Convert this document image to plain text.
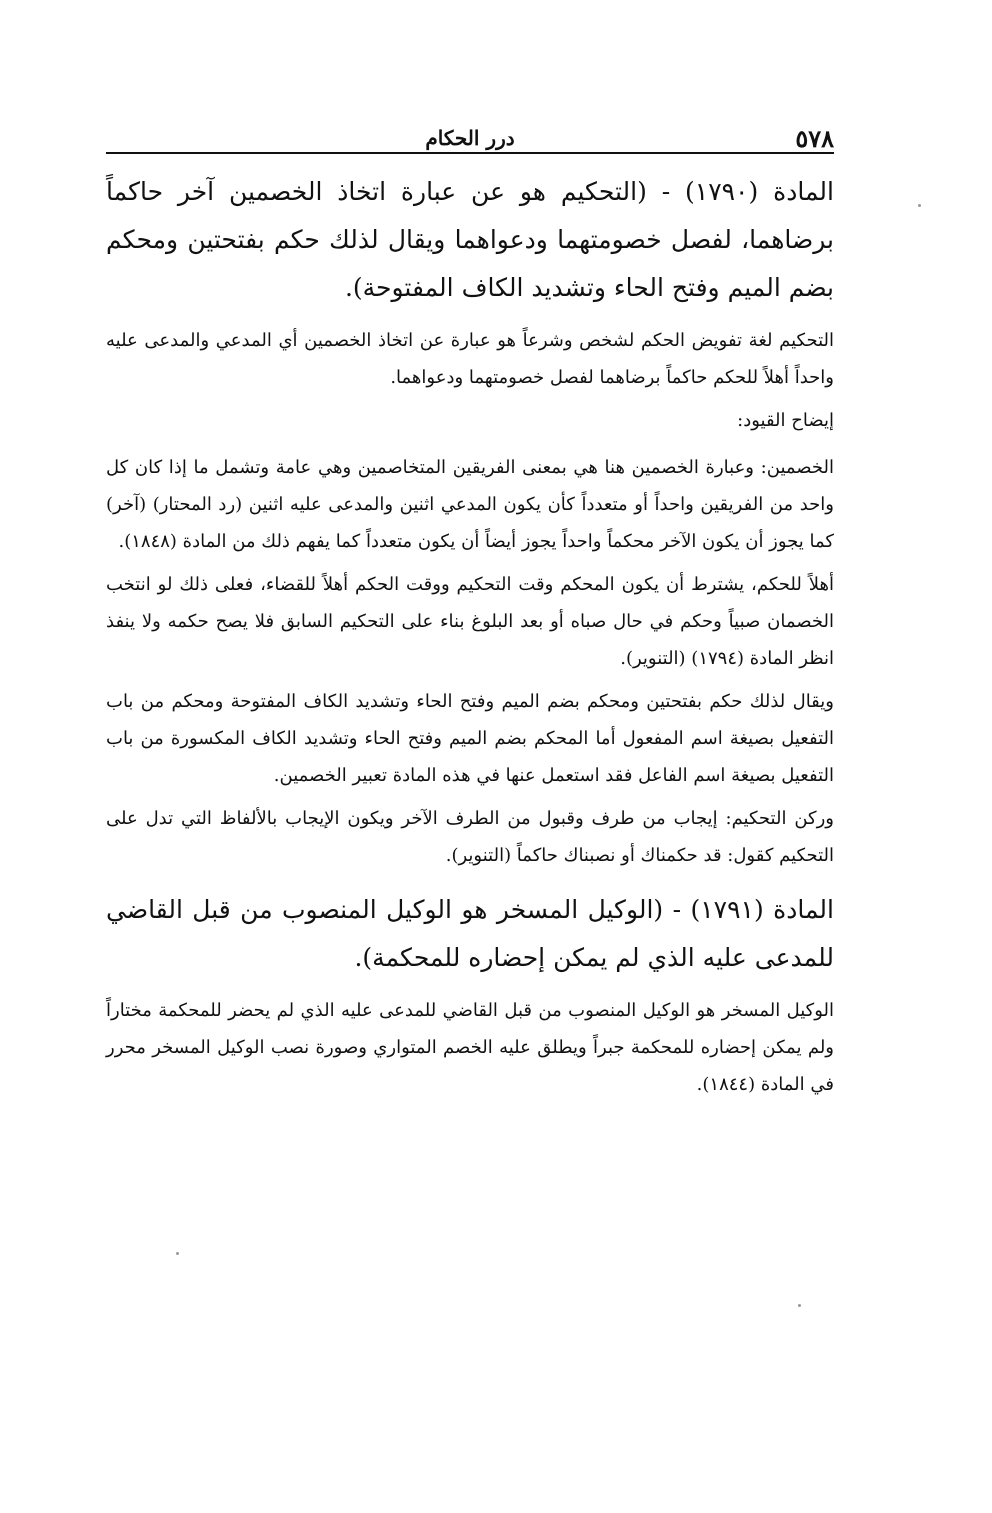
٥٧٨
درر الحكام

المادة (١٧٩٠) - (التحكيم هو عن عبارة اتخاذ الخصمين آخر حاكماً برضاهما، لفصل خصومتهما ودعواهما ويقال لذلك حكم بفتحتين ومحكم بضم الميم وفتح الحاء وتشديد الكاف المفتوحة).

التحكيم لغة تفويض الحكم لشخص وشرعاً هو عبارة عن اتخاذ الخصمين أي المدعي والمدعى عليه واحداً أهلاً للحكم حاكماً برضاهما لفصل خصومتهما ودعواهما.

إيضاح القيود:

الخصمين: وعبارة الخصمين هنا هي بمعنى الفريقين المتخاصمين وهي عامة وتشمل ما إذا كان كل واحد من الفريقين واحداً أو متعدداً كأن يكون المدعي اثنين والمدعى عليه اثنين (رد المحتار) (آخر) كما يجوز أن يكون الآخر محكماً واحداً يجوز أيضاً أن يكون متعدداً كما يفهم ذلك من المادة (١٨٤٨).

أهلاً للحكم، يشترط أن يكون المحكم وقت التحكيم ووقت الحكم أهلاً للقضاء، فعلى ذلك لو انتخب الخصمان صبياً وحكم في حال صباه أو بعد البلوغ بناء على التحكيم السابق فلا يصح حكمه ولا ينفذ انظر المادة (١٧٩٤) (التنوير).

ويقال لذلك حكم بفتحتين ومحكم بضم الميم وفتح الحاء وتشديد الكاف المفتوحة ومحكم من باب التفعيل بصيغة اسم المفعول أما المحكم بضم الميم وفتح الحاء وتشديد الكاف المكسورة من باب التفعيل بصيغة اسم الفاعل فقد استعمل عنها في هذه المادة تعبير الخصمين.

وركن التحكيم: إيجاب من طرف وقبول من الطرف الآخر ويكون الإيجاب بالألفاظ التي تدل على التحكيم كقول: قد حكمناك أو نصبناك حاكماً (التنوير).

المادة (١٧٩١) - (الوكيل المسخر هو الوكيل المنصوب من قبل القاضي للمدعى عليه الذي لم يمكن إحضاره للمحكمة).

الوكيل المسخر هو الوكيل المنصوب من قبل القاضي للمدعى عليه الذي لم يحضر للمحكمة مختاراً ولم يمكن إحضاره للمحكمة جبراً ويطلق عليه الخصم المتواري وصورة نصب الوكيل المسخر محرر في المادة (١٨٤٤).
